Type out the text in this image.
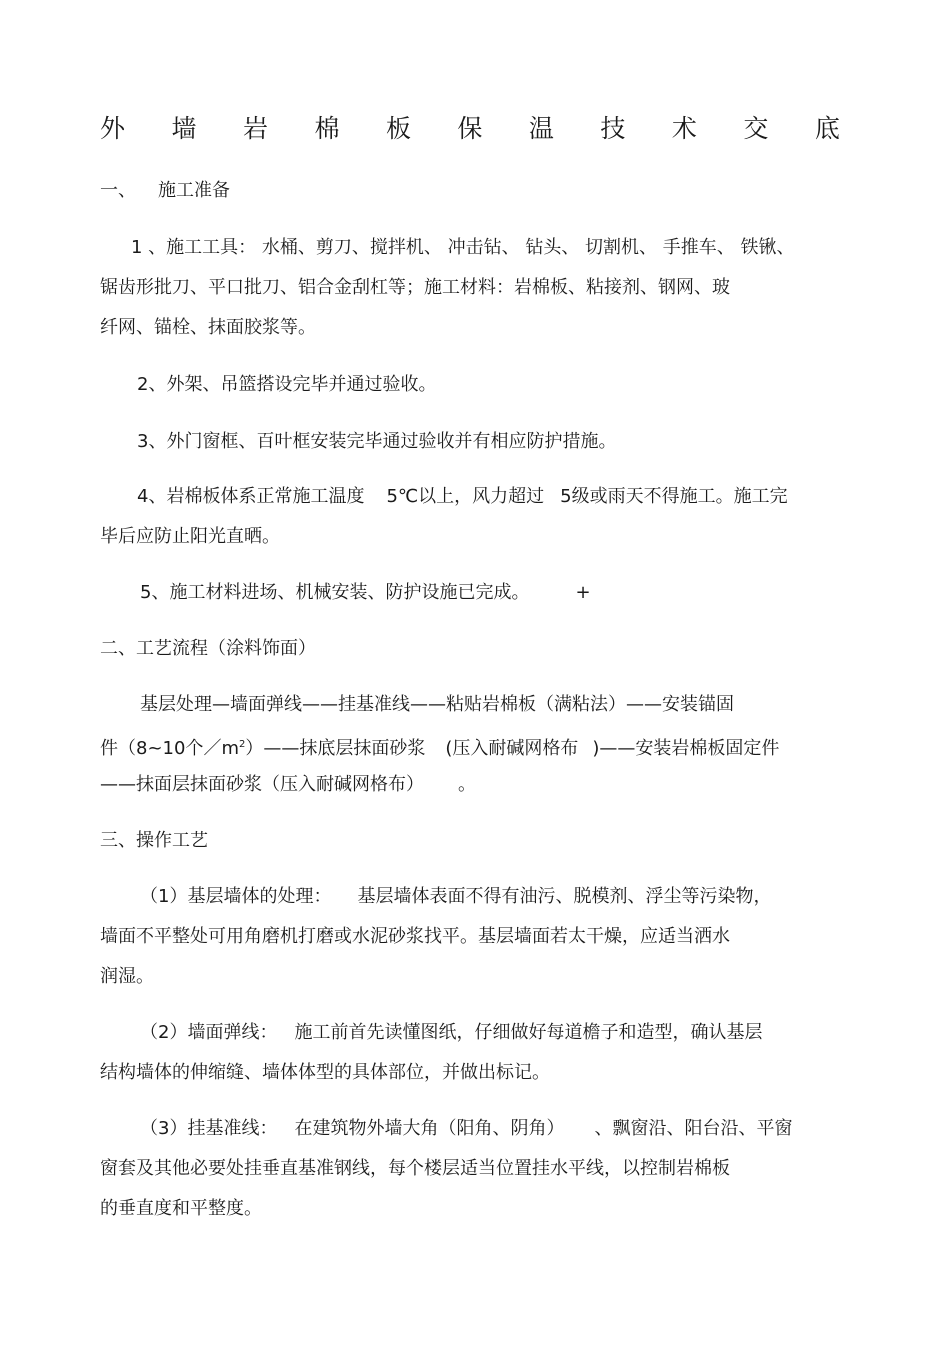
外 墙 岩 棉 板 保 温 技 术 交 底
一、 施工准备
1 、施工工具： 水桶、剪刀、搅拌机、 冲击钻、 钻头、 切割机、 手推车、 铁锹、
锯齿形批刀、平口批刀、铝合金刮杠等；施工材料：岩棉板、粘接剂、钢网、玻
纤网、锚栓、抹面胶浆等。
2、外架、吊篮搭设完毕并通过验收。
3、外门窗框、百叶框安装完毕通过验收并有相应防护措施。
4、岩棉板体系正常施工温度 5℃以上，风力超过 5级或雨天不得施工。施工完
毕后应防止阳光直晒。
5、施工材料进场、机械安装、防护设施已完成。	+
二、工艺流程（涂料饰面）
基层处理—墙面弹线——挂基准线——粘贴岩棉板（满粘法）——安装锚固
件（8~10个$/m^2)——$抹底层抹面砂浆 (压入耐碱网格布 )——安装岩棉板固定件
——抹面层抹面砂浆（压入耐碱网格布） 。
三、操作工艺
（1）基层墙体的处理： 基层墙体表面不得有油污、脱模剂、浮尘等污染物，
墙面不平整处可用角磨机打磨或水泥砂浆找平。基层墙面若太干燥，应适当洒水
润湿。
（2）墙面弹线： 施工前首先读懂图纸，仔细做好每道檐子和造型，确认基层
结构墙体的伸缩缝、墙体体型的具体部位，并做出标记。
（3）挂基准线： 在建筑物外墙大角（阳角、阴角） 、飘窗沿、阳台沿、平窗
窗套及其他必要处挂垂直基准钢线，每个楼层适当位置挂水平线，以控制岩棉板
的垂直度和平整度。
